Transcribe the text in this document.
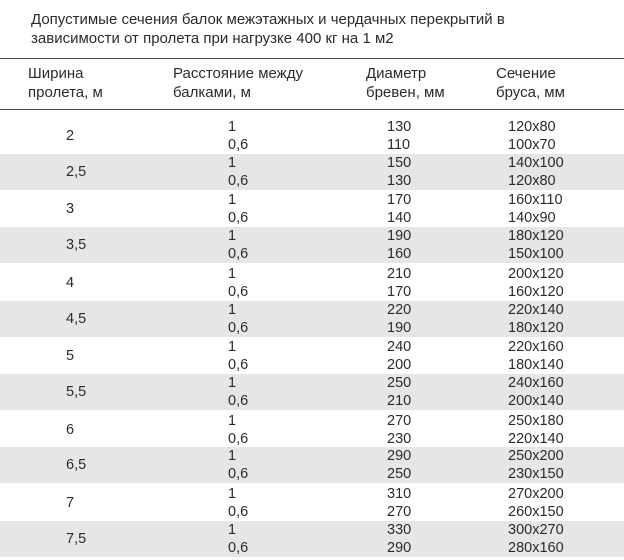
Допустимые сечения балок межэтажных и чердачных перекрытий в зависимости от пролета при нагрузке 400 кг на 1 м2
Ширина
пролета, м
Расстояние между
балками, м
Диаметр
бревен, мм
Сечение
бруса, мм
2
1
0,6
130
110
120x80
100x70
2,5
1
0,6
150
130
140x100
120x80
3
1
0,6
170
140
160x110
140x90
3,5
1
0,6
190
160
180x120
150x100
4
1
0,6
210
170
200x120
160x120
4,5
1
0,6
220
190
220x140
180x120
5
1
0,6
240
200
220x160
180x140
5,5
1
0,6
250
210
240x160
200x140
6
1
0,6
270
230
250x180
220x140
6,5
1
0,6
290
250
250x200
230x150
7
1
0,6
310
270
270x200
260x150
7,5
1
0,6
330
290
300x270
280x160
